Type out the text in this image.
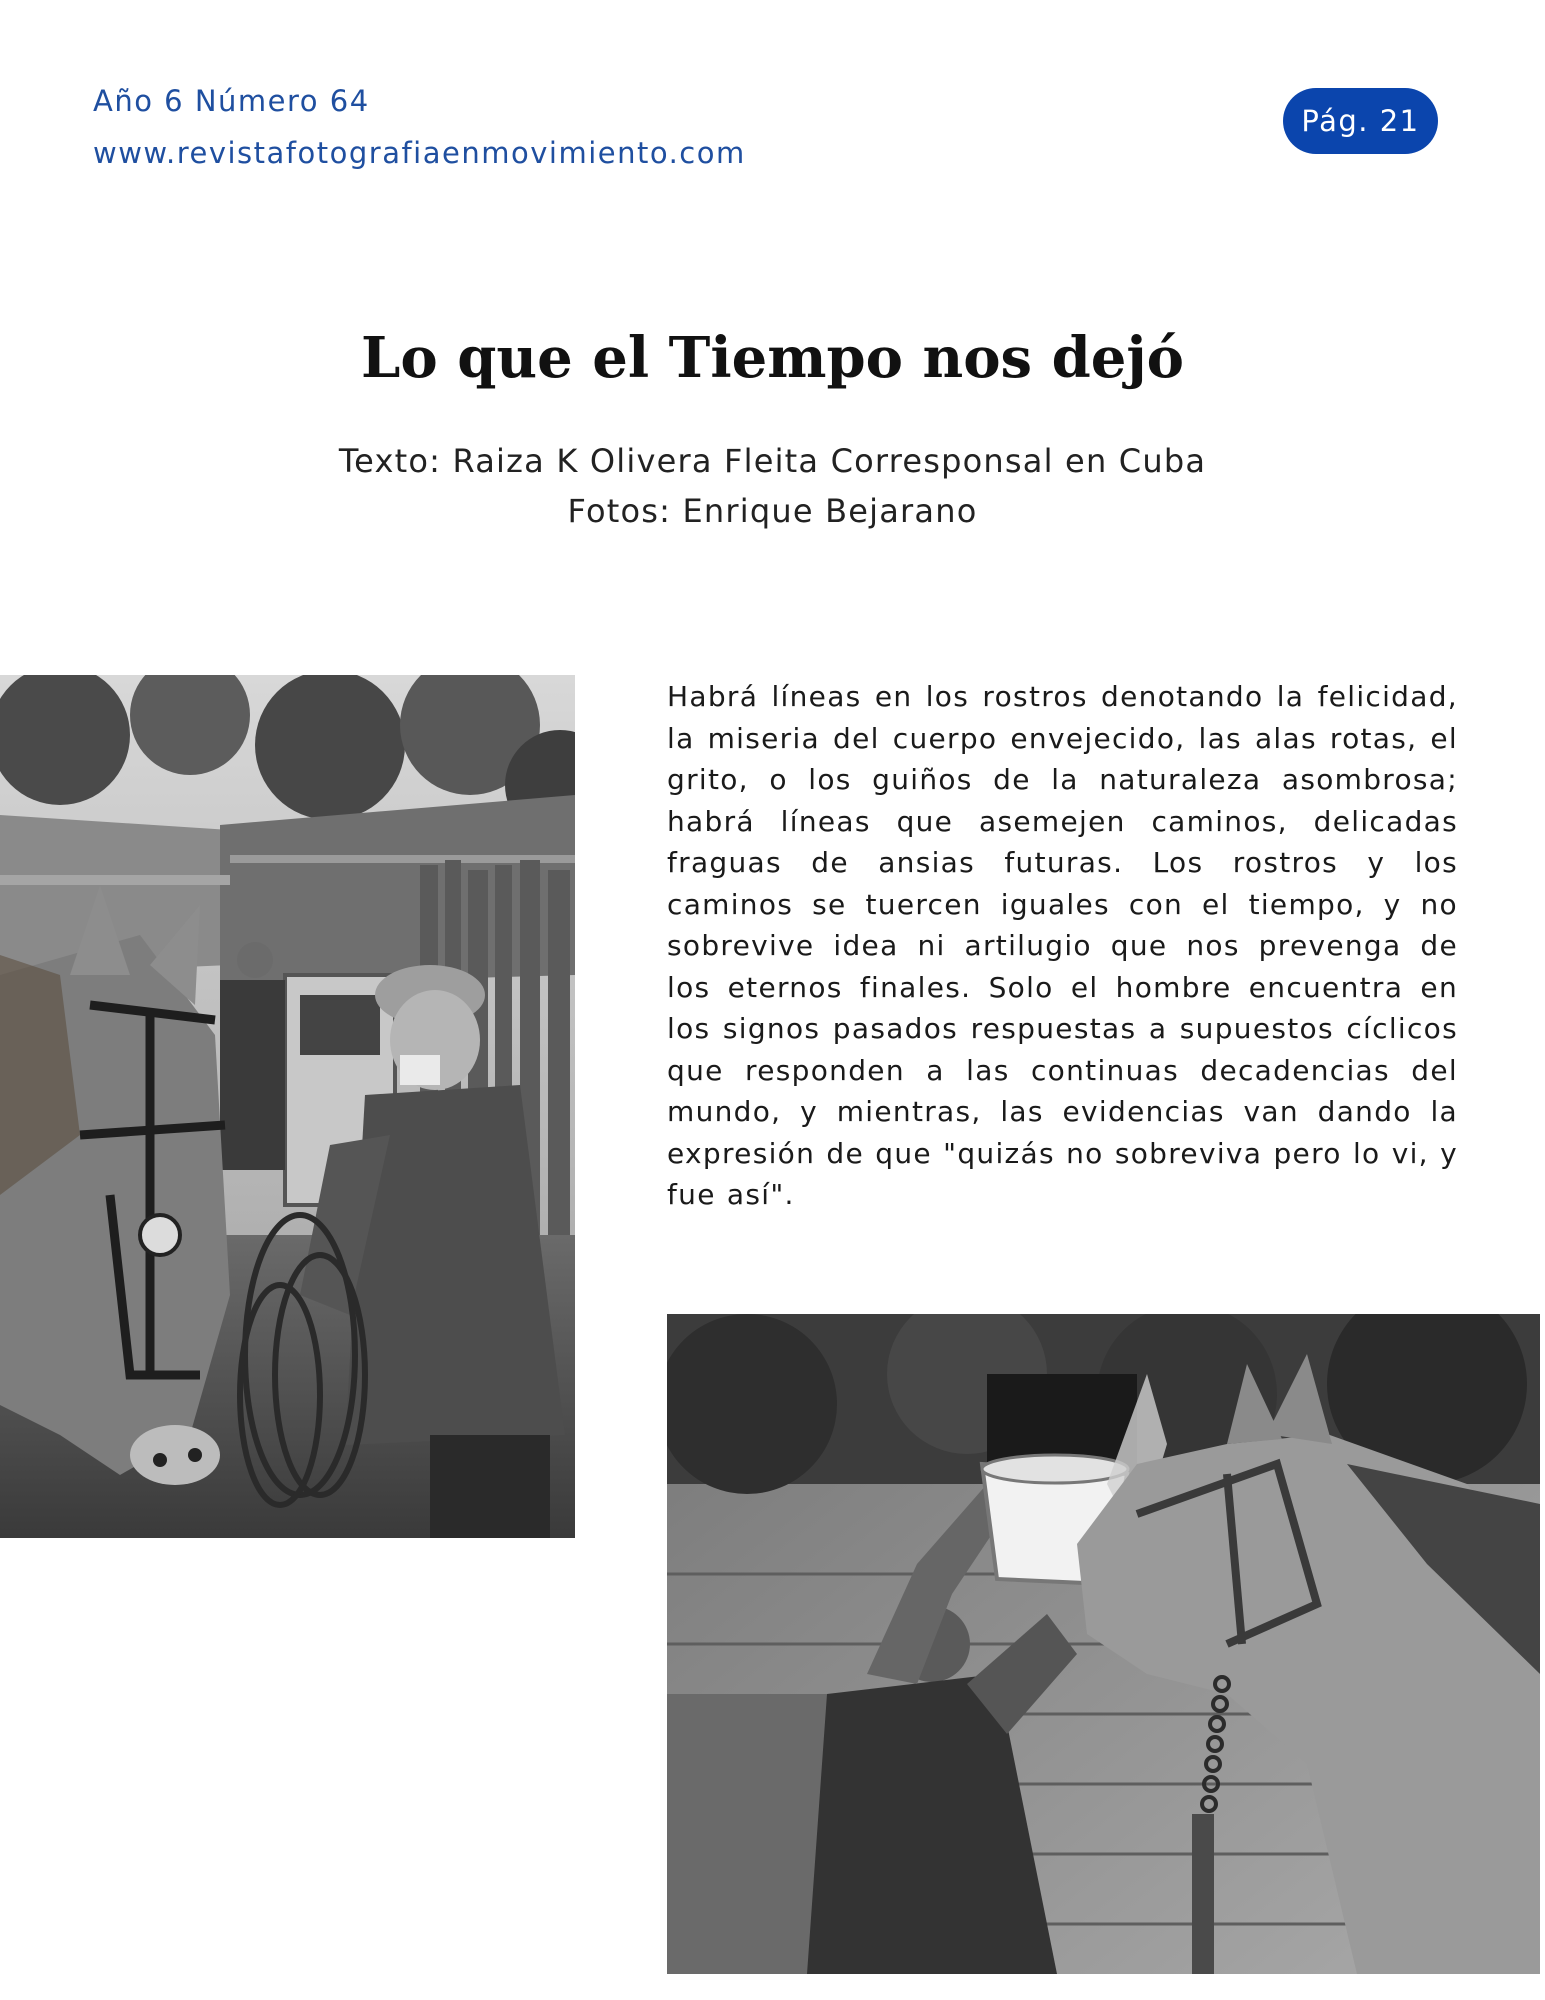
Año 6 Número 64
www.revistafotografiaenmovimiento.com
Pág. 21
Lo que el Tiempo nos dejó
Texto: Raiza K Olivera Fleita Corresponsal en Cuba
Fotos: Enrique Bejarano

Habrá líneas en los rostros denotando la felicidad, la miseria del cuerpo envejecido, las alas rotas, el grito, o los guiños de la naturaleza asombrosa; habrá líneas que asemejen caminos, delicadas fraguas de ansias futuras. Los rostros y los caminos se tuercen iguales con el tiempo, y no sobrevive idea ni artilugio que nos prevenga de los eternos finales. Solo el hombre encuentra en los signos pasados respuestas a supuestos cíclicos que responden a las continuas decadencias del mundo, y mientras, las evidencias van dando la expresión de que "quizás no sobreviva pero lo vi, y fue así".
